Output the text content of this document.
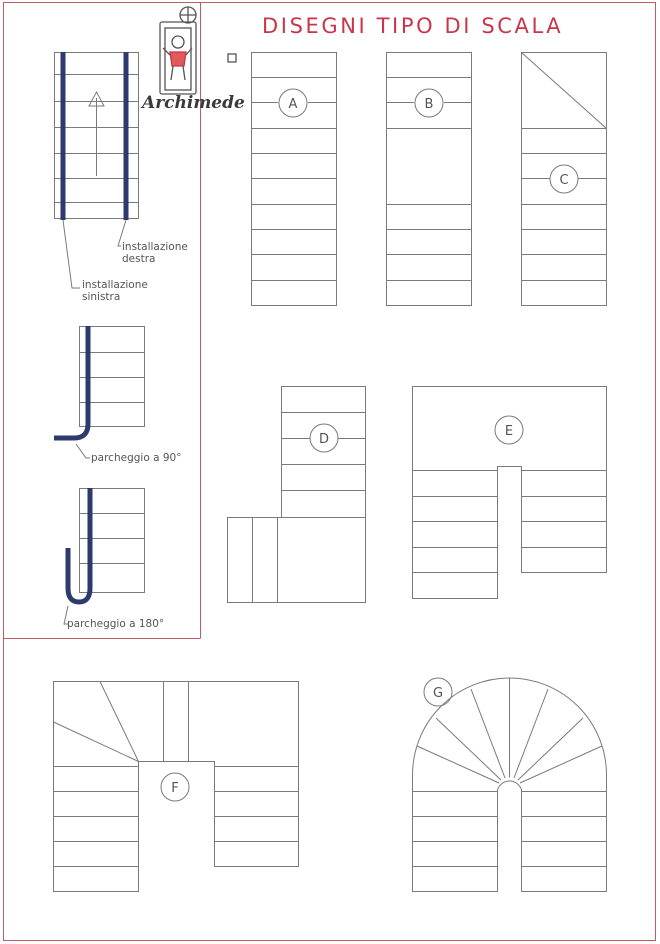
A	B
C
D
E
F
G
DISEGNI TIPO DI SCALA
Archimede
installazione
destra
installazione
sinistra
parcheggio a 90°
parcheggio a 180°
